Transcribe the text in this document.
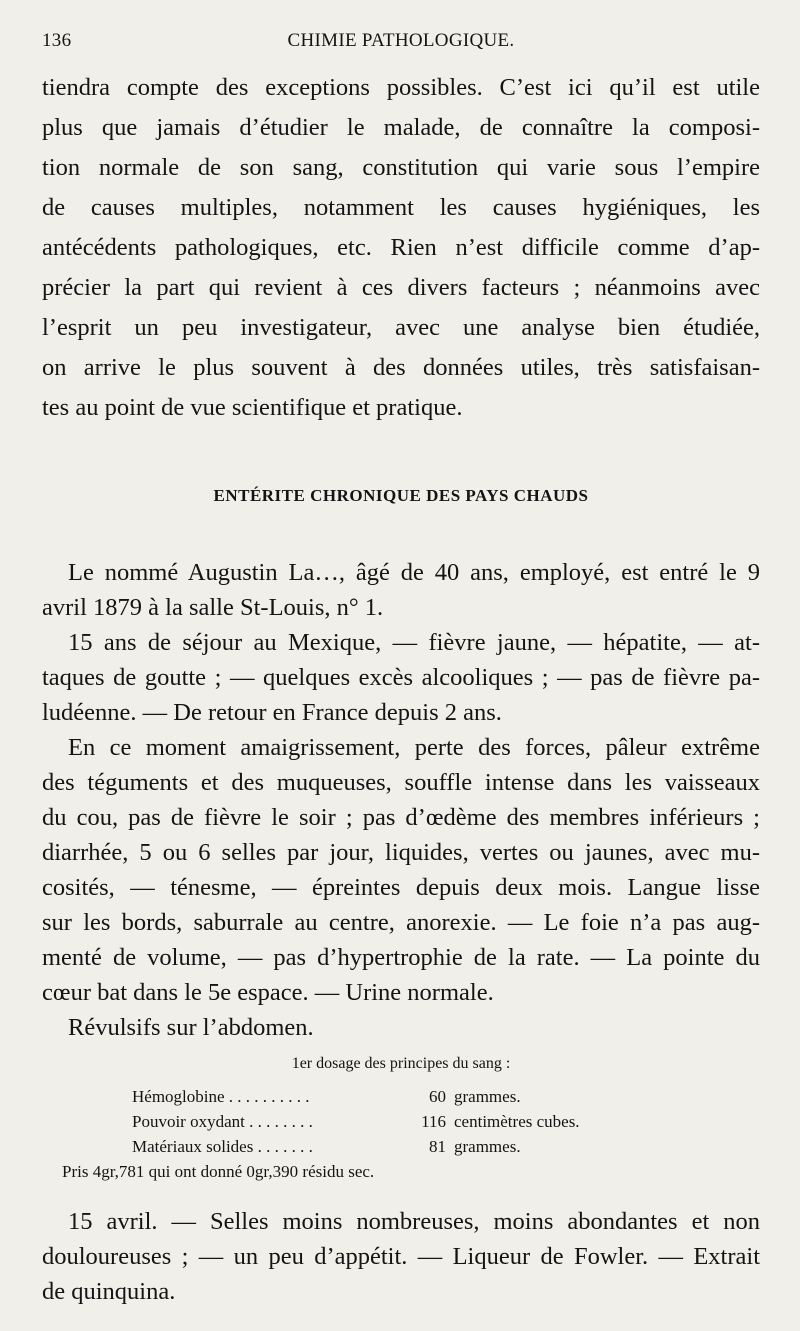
136	CHIMIE PATHOLOGIQUE.
tiendra compte des exceptions possibles. C’est ici qu’il est utile
plus que jamais d’étudier le malade, de connaître la composi-
tion normale de son sang, constitution qui varie sous l’empire
de causes multiples, notamment les causes hygiéniques, les
antécédents pathologiques, etc. Rien n’est difficile comme d’ap-
précier la part qui revient à ces divers facteurs ; néanmoins avec
l’esprit un peu investigateur, avec une analyse bien étudiée,
on arrive le plus souvent à des données utiles, très satisfaisan-
tes au point de vue scientifique et pratique.
ENTÉRITE CHRONIQUE DES PAYS CHAUDS
Le nommé Augustin La…, âgé de 40 ans, employé, est entré le 9
avril 1879 à la salle St-Louis, n° 1.
15 ans de séjour au Mexique, — fièvre jaune, — hépatite, — at-
taques de goutte ; — quelques excès alcooliques ; — pas de fièvre pa-
ludéenne. — De retour en France depuis 2 ans.
En ce moment amaigrissement, perte des forces, pâleur extrême
des téguments et des muqueuses, souffle intense dans les vaisseaux
du cou, pas de fièvre le soir ; pas d’œdème des membres inférieurs ;
diarrhée, 5 ou 6 selles par jour, liquides, vertes ou jaunes, avec mu-
cosités, — ténesme, — épreintes depuis deux mois. Langue lisse
sur les bords, saburrale au centre, anorexie. — Le foie n’a pas aug-
menté de volume, — pas d’hypertrophie de la rate. — La pointe du
cœur bat dans le 5e espace. — Urine normale.
Révulsifs sur l’abdomen.
1er dosage des principes du sang :
Hémoglobine . . . . . . . . . .	60 grammes.
Pouvoir oxydant . . . . . . . .	116 centimètres cubes.
Matériaux solides . . . . . . .	81 grammes.
Pris 4gr,781 qui ont donné 0gr,390 résidu sec.
15 avril. — Selles moins nombreuses, moins abondantes et non
douloureuses ; — un peu d’appétit. — Liqueur de Fowler. — Extrait
de quinquina.
